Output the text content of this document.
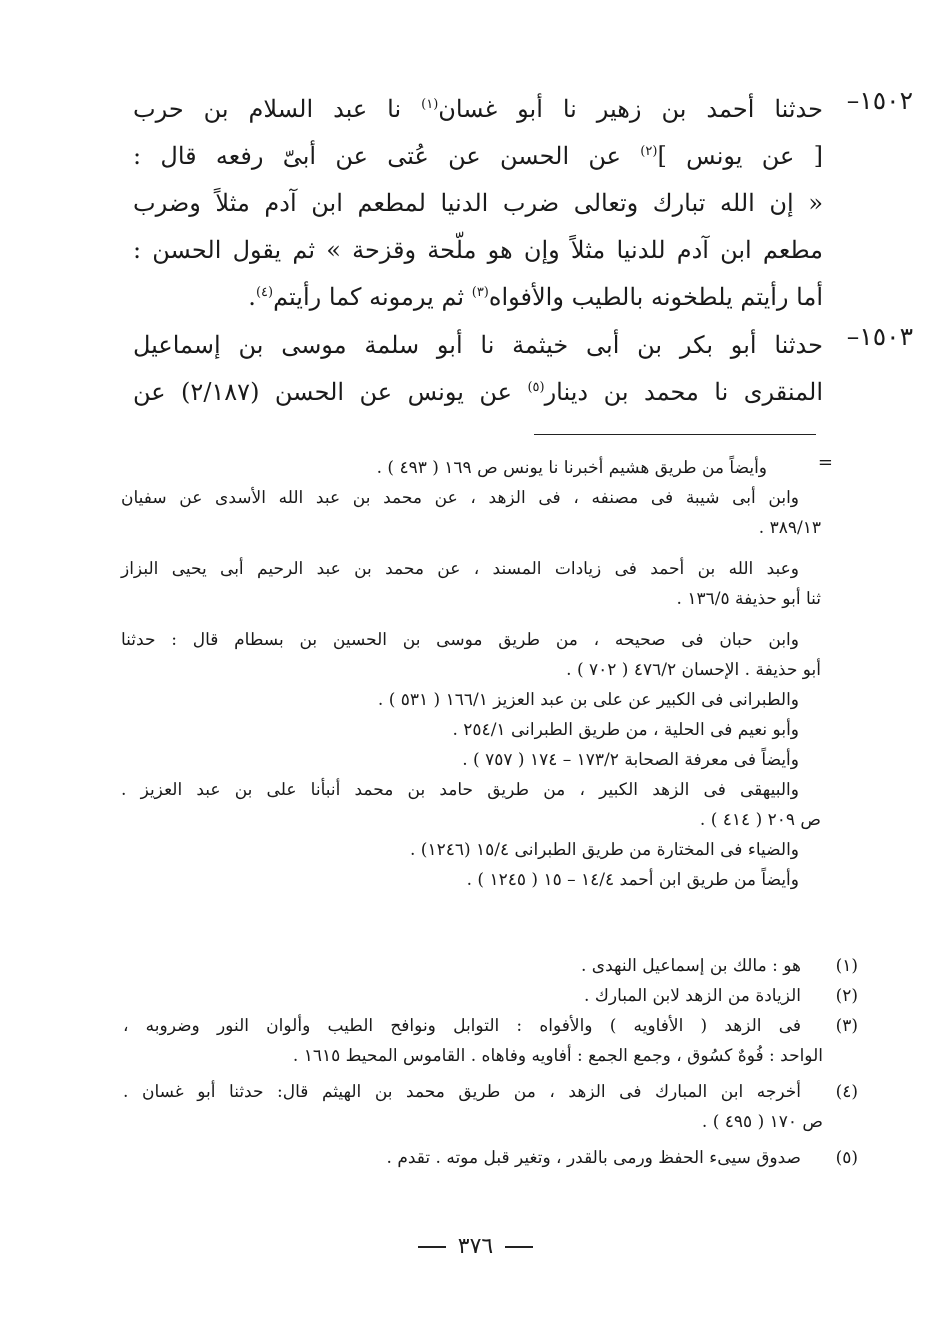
١٥٠٢–
حدثنا أحمد بن زهير نا أبو غسان$^{(١)}$ نا عبد السلام بن حرب
[ عن يونس ]$^{(٢)}$ عن الحسن عن عُتى عن أبىّ رفعه قال :
« إن الله تبارك وتعالى ضرب الدنيا لمطعم ابن آدم مثلاً وضرب
مطعم ابن آدم للدنيا مثلاً وإن هو ملّحة وقزحة » ثم يقول الحسن :
أما رأيتم يلطخونه بالطيب والأفواه$^{(٣)}$ ثم يرمونه كما رأيتم$^{(٤)}$.
١٥٠٣–
حدثنا أبو بكر بن أبى خيثمة نا أبو سلمة موسى بن إسماعيل
المنقرى نا محمد بن دينار$^{(٥)}$ عن يونس عن الحسن (٢/١٨٧) عن
=
وأيضاً من طريق هشيم أخبرنا نا يونس ص ١٦٩ ( ٤٩٣ ) .
وابن أبى شيبة فى مصنفه ، فى الزهد ، عن محمد بن عبد الله الأسدى عن سفيان
٣٨٩/١٣ .
وعبد الله بن أحمد فى زيادات المسند ، عن محمد بن عبد الرحيم أبى يحيى البزاز
ثنا أبو حذيفة ١٣٦/٥ .
وابن حبان فى صحيحه ، من طريق موسى بن الحسين بن بسطام قال : حدثنا
أبو حذيفة . الإحسان ٤٧٦/٢ ( ٧٠٢ ) .
والطبرانى فى الكبير عن على بن عبد العزيز ١٦٦/١ ( ٥٣١ ) .
وأبو نعيم فى الحلية ، من طريق الطبرانى ٢٥٤/١ .
وأيضاً فى معرفة الصحابة ١٧٣/٢ – ١٧٤ ( ٧٥٧ ) .
والبيهقى فى الزهد الكبير ، من طريق حامد بن محمد أنبأنا على بن عبد العزيز .
ص ٢٠٩ ( ٤١٤ ) .
والضياء فى المختارة من طريق الطبرانى ١٥/٤ (١٢٤٦) .
وأيضاً من طريق ابن أحمد ١٤/٤ – ١٥ ( ١٢٤٥ ) .
(١)
هو : مالك بن إسماعيل النهدى .
(٢)
الزيادة من الزهد لابن المبارك .
(٣)
فى الزهد ( الأفاويه ) والأفواه : التوابل ونوافح الطيب وألوان النور وضروبه ،
الواحد : فُوهٌ كسُوق ، وجمع الجمع : أفاويه وفاهاه . القاموس المحيط ١٦١٥ .
(٤)
أخرجه ابن المبارك فى الزهد ، من طريق محمد بن الهيثم قال: حدثنا أبو غسان .
ص ١٧٠ ( ٤٩٥ ) .
(٥)
صدوق سيىء الحفظ ورمى بالقدر ، وتغير قبل موته . تقدم .
٣٧٦
